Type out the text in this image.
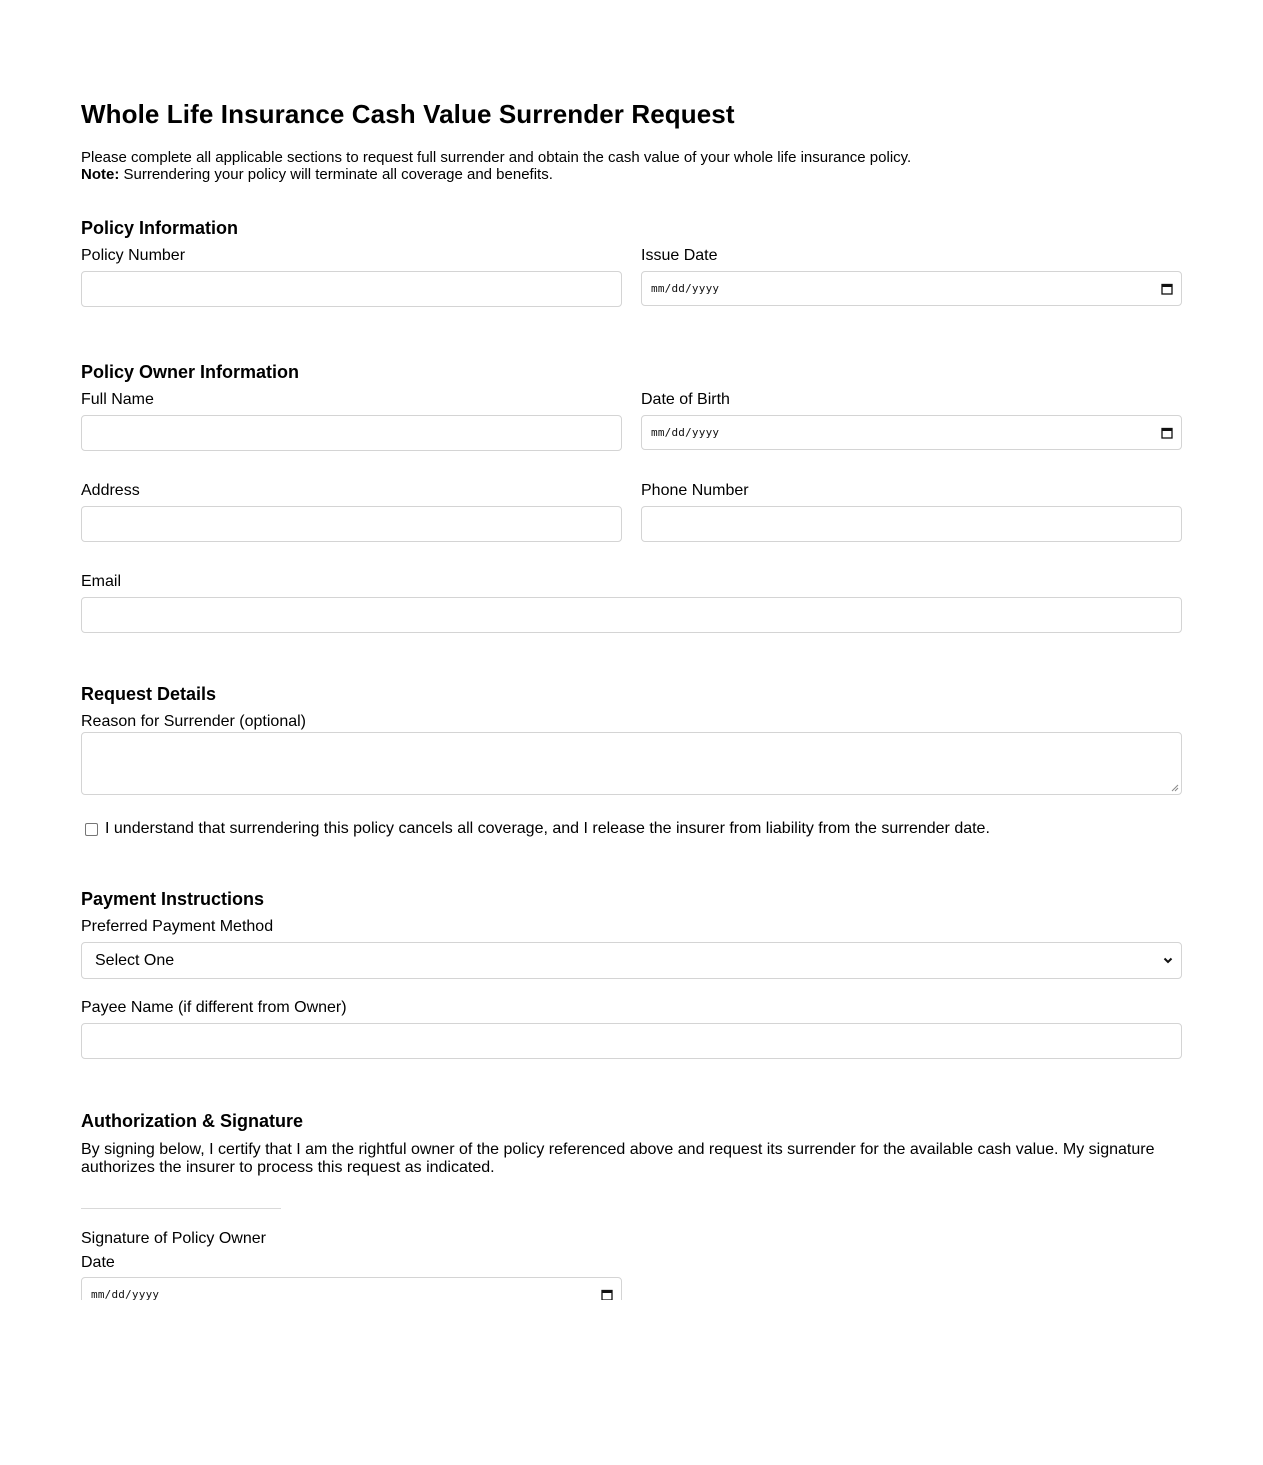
Whole Life Insurance Cash Value Surrender Request
Please complete all applicable sections to request full surrender and obtain the cash value of your whole life insurance policy.
Note: Surrendering your policy will terminate all coverage and benefits.
Policy Information
Policy Number	Issue Date
mm/dd/yyyy
Policy Owner Information
Full Name	Date of Birth
mm/dd/yyyy
Address	Phone Number
Email
Request Details
Reason for Surrender (optional)
I understand that surrendering this policy cancels all coverage, and I release the insurer from liability from the surrender date.
Payment Instructions
Preferred Payment Method
Select One
Payee Name (if different from Owner)
Authorization & Signature
By signing below, I certify that I am the rightful owner of the policy referenced above and request its surrender for the available cash value. My signature authorizes the insurer to process this request as indicated.
Signature of Policy Owner
Date
mm/dd/yyyy
